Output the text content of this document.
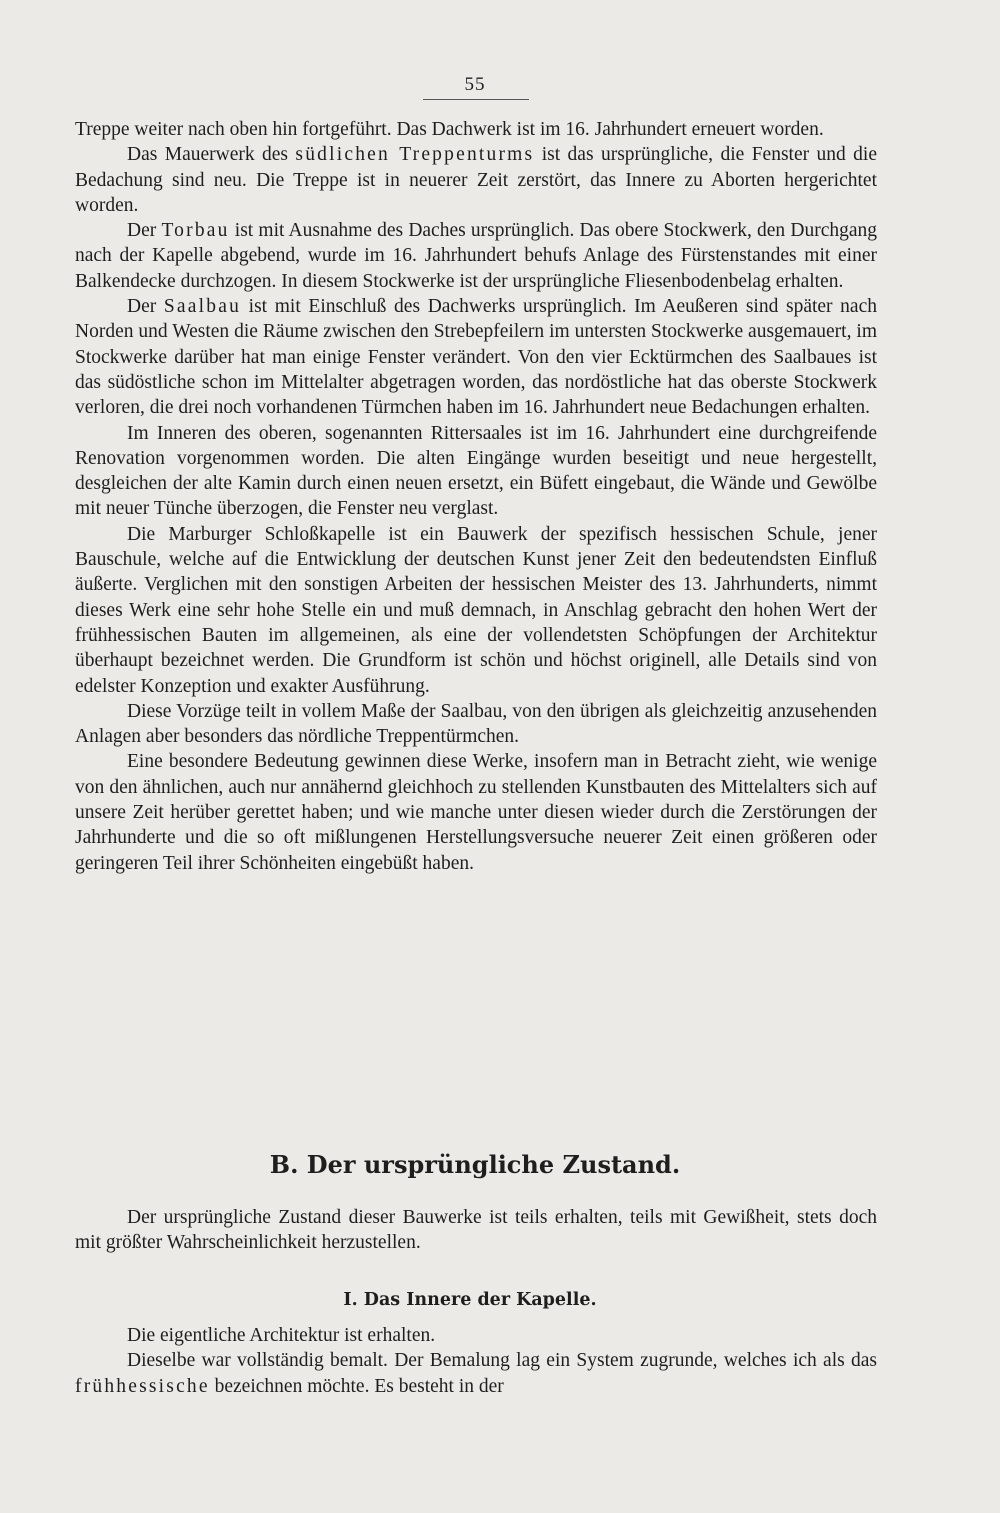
55

Treppe weiter nach oben hin fortgeführt. Das Dachwerk ist im 16. Jahrhundert erneuert worden.

Das Mauerwerk des südlichen Treppenturms ist das ursprüngliche, die Fenster und die Bedachung sind neu. Die Treppe ist in neuerer Zeit zerstört, das Innere zu Aborten hergerichtet worden.

Der Torbau ist mit Ausnahme des Daches ursprünglich. Das obere Stockwerk, den Durchgang nach der Kapelle abgebend, wurde im 16. Jahrhundert behufs Anlage des Fürstenstandes mit einer Balkendecke durchzogen. In diesem Stockwerke ist der ursprüngliche Fliesenbodenbelag erhalten.

Der Saalbau ist mit Einschluß des Dachwerks ursprünglich. Im Aeußeren sind später nach Norden und Westen die Räume zwischen den Strebepfeilern im untersten Stockwerke ausgemauert, im Stockwerke darüber hat man einige Fenster verändert. Von den vier Ecktürmchen des Saalbaues ist das südöstliche schon im Mittelalter abgetragen worden, das nordöstliche hat das oberste Stockwerk verloren, die drei noch vorhandenen Türmchen haben im 16. Jahrhundert neue Bedachungen erhalten.

Im Inneren des oberen, sogenannten Rittersaales ist im 16. Jahrhundert eine durchgreifende Renovation vorgenommen worden. Die alten Eingänge wurden beseitigt und neue hergestellt, desgleichen der alte Kamin durch einen neuen ersetzt, ein Büfett eingebaut, die Wände und Gewölbe mit neuer Tünche überzogen, die Fenster neu verglast.

Die Marburger Schloßkapelle ist ein Bauwerk der spezifisch hessischen Schule, jener Bauschule, welche auf die Entwicklung der deutschen Kunst jener Zeit den bedeutendsten Einfluß äußerte. Verglichen mit den sonstigen Arbeiten der hessischen Meister des 13. Jahrhunderts, nimmt dieses Werk eine sehr hohe Stelle ein und muß demnach, in Anschlag gebracht den hohen Wert der frühhessischen Bauten im allgemeinen, als eine der vollendetsten Schöpfungen der Architektur überhaupt bezeichnet werden. Die Grundform ist schön und höchst originell, alle Details sind von edelster Konzeption und exakter Ausführung.

Diese Vorzüge teilt in vollem Maße der Saalbau, von den übrigen als gleichzeitig anzusehenden Anlagen aber besonders das nördliche Treppentürmchen.

Eine besondere Bedeutung gewinnen diese Werke, insofern man in Betracht zieht, wie wenige von den ähnlichen, auch nur annähernd gleichhoch zu stellenden Kunstbauten des Mittelalters sich auf unsere Zeit herüber gerettet haben; und wie manche unter diesen wieder durch die Zerstörungen der Jahrhunderte und die so oft mißlungenen Herstellungsversuche neuerer Zeit einen größeren oder geringeren Teil ihrer Schönheiten eingebüßt haben.

B. Der ursprüngliche Zustand.

Der ursprüngliche Zustand dieser Bauwerke ist teils erhalten, teils mit Gewißheit, stets doch mit größter Wahrscheinlichkeit herzustellen.

I. Das Innere der Kapelle.

Die eigentliche Architektur ist erhalten.

Dieselbe war vollständig bemalt. Der Bemalung lag ein System zugrunde, welches ich als das frühhessische bezeichnen möchte. Es besteht in der
